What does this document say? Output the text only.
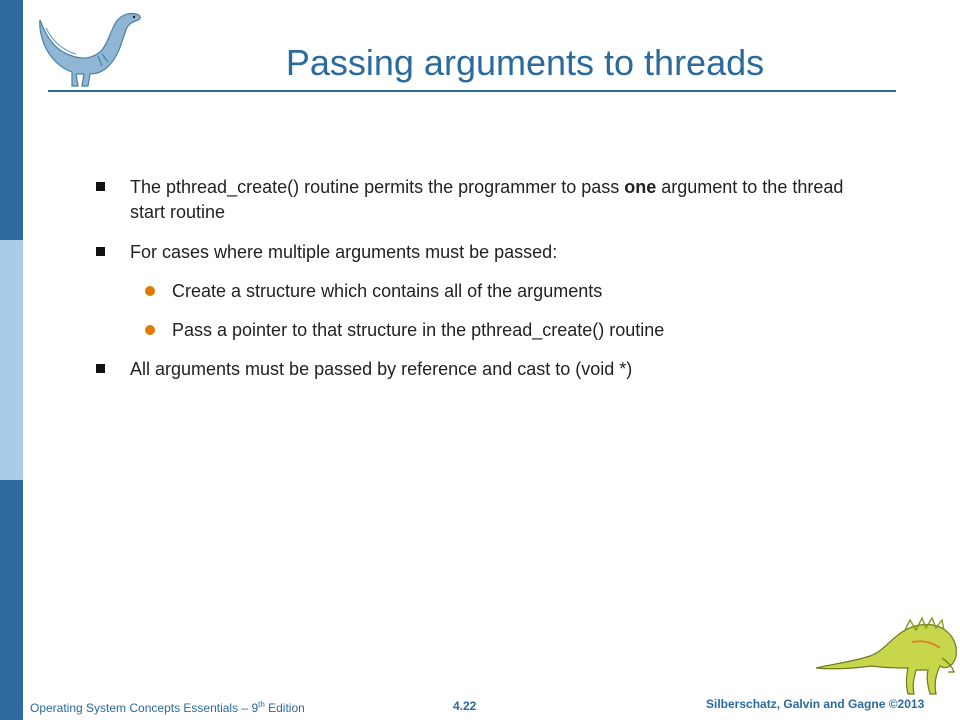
Passing arguments to threads
The pthread_create() routine permits the programmer to pass one argument to the thread start routine
For cases where multiple arguments must be passed:
Create a structure which contains all of the arguments
Pass a pointer to that structure in the pthread_create() routine
All arguments must be passed by reference and cast to (void *)
Operating System Concepts Essentials – 9th Edition	4.22	Silberschatz, Galvin and Gagne ©2013
